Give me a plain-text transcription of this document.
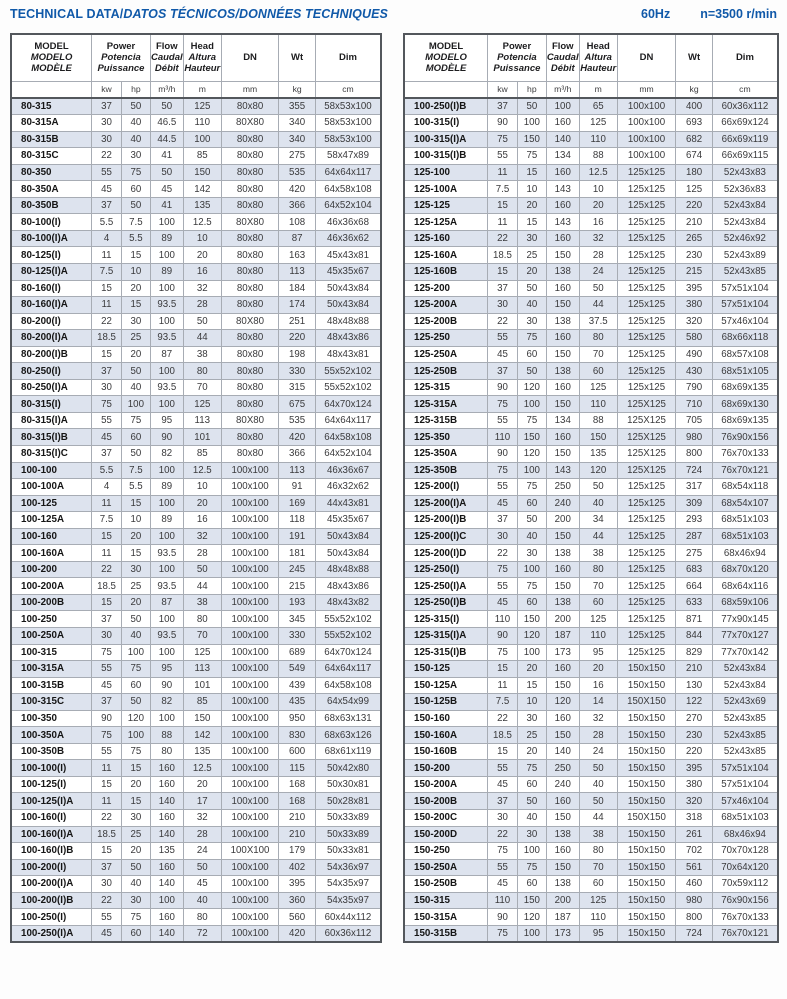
TECHNICAL DATA/DATOS TÉCNICOS/DONNÉES TECHNIQUES	60Hz n=3500 r/min
MODEL
MODELO
MODÈLE	Power
Potencia
Puissance		Flow
Caudal
Débit	Head
Altura
Hauteur	DN	Wt	Dim

	kw	hp	m³/h	m	mm	kg	cm
80-315	37	50	50	125	80x80	355	58x53x100
80-315A	30	40	46.5	110	80X80	340	58x53x100
80-315B	30	40	44.5	100	80x80	340	58x53x100
80-315C	22	30	41	85	80x80	275	58x47x89
80-350	55	75	50	150	80x80	535	64x64x117
80-350A	45	60	45	142	80x80	420	64x58x108
80-350B	37	50	41	135	80x80	366	64x52x104
80-100(I)	5.5	7.5	100	12.5	80X80	108	46x36x68
80-100(I)A	4	5.5	89	10	80x80	87	46x36x62
80-125(I)	11	15	100	20	80x80	163	45x43x81
80-125(I)A	7.5	10	89	16	80x80	113	45x35x67
80-160(I)	15	20	100	32	80x80	184	50x43x84
80-160(I)A	11	15	93.5	28	80x80	174	50x43x84
80-200(I)	22	30	100	50	80X80	251	48x48x88
80-200(I)A	18.5	25	93.5	44	80x80	220	48x43x86
80-200(I)B	15	20	87	38	80x80	198	48x43x81
80-250(I)	37	50	100	80	80x80	330	55x52x102
80-250(I)A	30	40	93.5	70	80x80	315	55x52x102
80-315(I)	75	100	100	125	80x80	675	64x70x124
80-315(I)A	55	75	95	113	80X80	535	64x64x117
80-315(I)B	45	60	90	101	80x80	420	64x58x108
80-315(I)C	37	50	82	85	80x80	366	64x52x104
100-100	5.5	7.5	100	12.5	100x100	113	46x36x67
100-100A	4	5.5	89	10	100x100	91	46x32x62
100-125	11	15	100	20	100x100	169	44x43x81
100-125A	7.5	10	89	16	100x100	118	45x35x67
100-160	15	20	100	32	100x100	191	50x43x84
100-160A	11	15	93.5	28	100x100	181	50x43x84
100-200	22	30	100	50	100x100	245	48x48x88
100-200A	18.5	25	93.5	44	100x100	215	48x43x86
100-200B	15	20	87	38	100x100	193	48x43x82
100-250	37	50	100	80	100x100	345	55x52x102
100-250A	30	40	93.5	70	100x100	330	55x52x102
100-315	75	100	100	125	100x100	689	64x70x124
100-315A	55	75	95	113	100x100	549	64x64x117
100-315B	45	60	90	101	100x100	439	64x58x108
100-315C	37	50	82	85	100x100	435	64x54x99
100-350	90	120	100	150	100x100	950	68x63x131
100-350A	75	100	88	142	100x100	830	68x63x126
100-350B	55	75	80	135	100x100	600	68x61x119
100-100(I)	11	15	160	12.5	100x100	115	50x42x80
100-125(I)	15	20	160	20	100x100	168	50x30x81
100-125(I)A	11	15	140	17	100x100	168	50x28x81
100-160(I)	22	30	160	32	100x100	210	50x33x89
100-160(I)A	18.5	25	140	28	100x100	210	50x33x89
100-160(I)B	15	20	135	24	100X100	179	50x33x81
100-200(I)	37	50	160	50	100x100	402	54x36x97
100-200(I)A	30	40	140	45	100x100	395	54x35x97
100-200(I)B	22	30	100	40	100x100	360	54x35x97
100-250(I)	55	75	160	80	100x100	560	60x44x112
100-250(I)A	45	60	140	72	100x100	420	60x36x112
MODEL
MODELO
MODÈLE	Power
Potencia
Puissance		Flow
Caudal
Débit	Head
Altura
Hauteur	DN	Wt	Dim

	kw	hp	m³/h	m	mm	kg	cm
100-250(I)B	37	50	100	65	100x100	400	60x36x112
100-315(I)	90	100	160	125	100x100	693	66x69x124
100-315(I)A	75	150	140	110	100x100	682	66x69x119
100-315(I)B	55	75	134	88	100x100	674	66x69x115
125-100	11	15	160	12.5	125x125	180	52x43x83
125-100A	7.5	10	143	10	125x125	125	52x36x83
125-125	15	20	160	20	125x125	220	52x43x84
125-125A	11	15	143	16	125x125	210	52x43x84
125-160	22	30	160	32	125x125	265	52x46x92
125-160A	18.5	25	150	28	125x125	230	52x43x89
125-160B	15	20	138	24	125x125	215	52x43x85
125-200	37	50	160	50	125x125	395	57x51x104
125-200A	30	40	150	44	125x125	380	57x51x104
125-200B	22	30	138	37.5	125x125	320	57x46x104
125-250	55	75	160	80	125x125	580	68x66x118
125-250A	45	60	150	70	125x125	490	68x57x108
125-250B	37	50	138	60	125x125	430	68x51x105
125-315	90	120	160	125	125x125	790	68x69x135
125-315A	75	100	150	110	125X125	710	68x69x130
125-315B	55	75	134	88	125X125	705	68x69x135
125-350	110	150	160	150	125X125	980	76x90x156
125-350A	90	120	150	135	125X125	800	76x70x133
125-350B	75	100	143	120	125X125	724	76x70x121
125-200(I)	55	75	250	50	125x125	317	68x54x118
125-200(I)A	45	60	240	40	125x125	309	68x54x107
125-200(I)B	37	50	200	34	125x125	293	68x51x103
125-200(I)C	30	40	150	44	125x125	287	68x51x103
125-200(I)D	22	30	138	38	125x125	275	68x46x94
125-250(I)	75	100	160	80	125x125	683	68x70x120
125-250(I)A	55	75	150	70	125x125	664	68x64x116
125-250(I)B	45	60	138	60	125x125	633	68x59x106
125-315(I)	110	150	200	125	125x125	871	77x90x145
125-315(I)A	90	120	187	110	125x125	844	77x70x127
125-315(I)B	75	100	173	95	125x125	829	77x70x142
150-125	15	20	160	20	150x150	210	52x43x84
150-125A	11	15	150	16	150x150	130	52x43x84
150-125B	7.5	10	120	14	150X150	122	52x43x69
150-160	22	30	160	32	150x150	270	52x43x85
150-160A	18.5	25	150	28	150x150	230	52x43x85
150-160B	15	20	140	24	150x150	220	52x43x85
150-200	55	75	250	50	150x150	395	57x51x104
150-200A	45	60	240	40	150x150	380	57x51x104
150-200B	37	50	160	50	150x150	320	57x46x104
150-200C	30	40	150	44	150X150	318	68x51x103
150-200D	22	30	138	38	150x150	261	68x46x94
150-250	75	100	160	80	150x150	702	70x70x128
150-250A	55	75	150	70	150x150	561	70x64x120
150-250B	45	60	138	60	150x150	460	70x59x112
150-315	110	150	200	125	150x150	980	76x90x156
150-315A	90	120	187	110	150x150	800	76x70x133
150-315B	75	100	173	95	150x150	724	76x70x121
